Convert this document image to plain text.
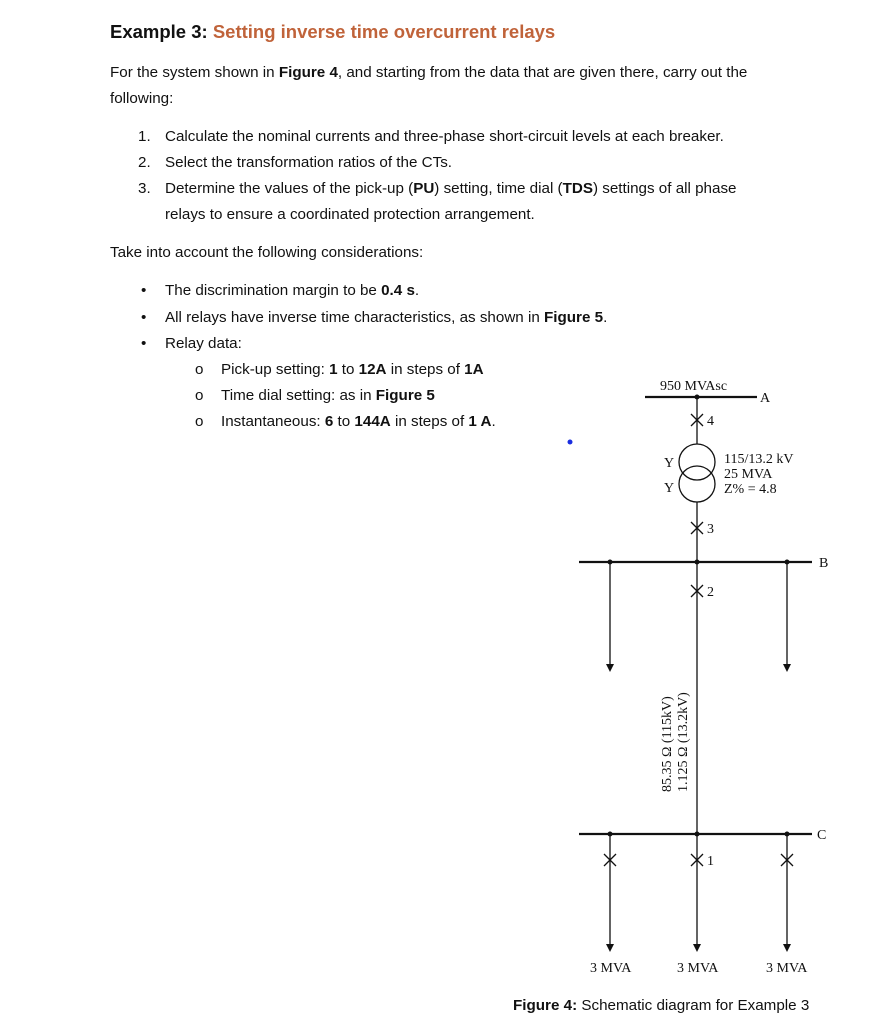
Example 3: Setting inverse time overcurrent relays
For the system shown in Figure 4, and starting from the data that are given there, carry out the
following:
1. Calculate the nominal currents and three-phase short-circuit levels at each breaker.
2. Select the transformation ratios of the CTs.
3. Determine the values of the pick-up (PU) setting, time dial (TDS) settings of all phase
relays to ensure a coordinated protection arrangement.
Take into account the following considerations:
• The discrimination margin to be 0.4 s.
• All relays have inverse time characteristics, as shown in Figure 5.
• Relay data:
o Pick-up setting: 1 to 12A in steps of 1A
o Time dial setting: as in Figure 5
o Instantaneous: 6 to 144A in steps of 1 A.
950 MVAsc
A
B
C
4
3
2
1
Y
Y
115/13.2 kV
25 MVA
Z% = 4.8
85.35 Ω (115kV) 1.125 Ω (13.2kV)
3 MVA	3 MVA	3 MVA
Figure 4: Schematic diagram for Example 3
